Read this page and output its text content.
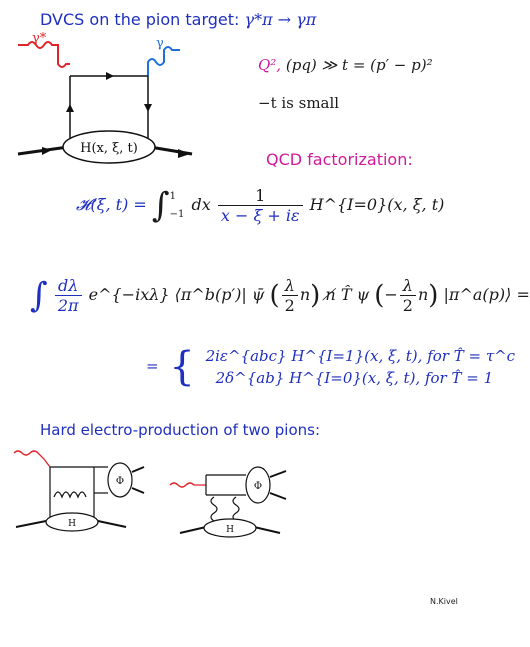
DVCS on the pion target: γ*π → γπ
H(x, ξ, t)
γ*	γ
Q², (pq) ≫ t = (p′ − p)²
−t is small
QCD factorization:
𝓗(ξ, t) = ∫ 1
−1 dx $\frac{1}{x - \xi + i\varepsilon}$ H^{I=0}(x, ξ, t)
∫ $\frac{d\lambda}{2\pi}$ e^{−ixλ} ⟨π^b(p′)| ψ̄ ( $\frac{\lambda}{2} n$) n̸ T̂ ψ (− $\frac{\lambda}{2} n$) |π^a(p)⟩ =
= { 2iε^{abc} H^{I=1}(x, ξ, t), for T̂ = τ^c
2δ^{ab} H^{I=0}(x, ξ, t), for T̂ = 1
Hard electro-production of two pions:
Φ
H
Φ
H
N.Kivel
